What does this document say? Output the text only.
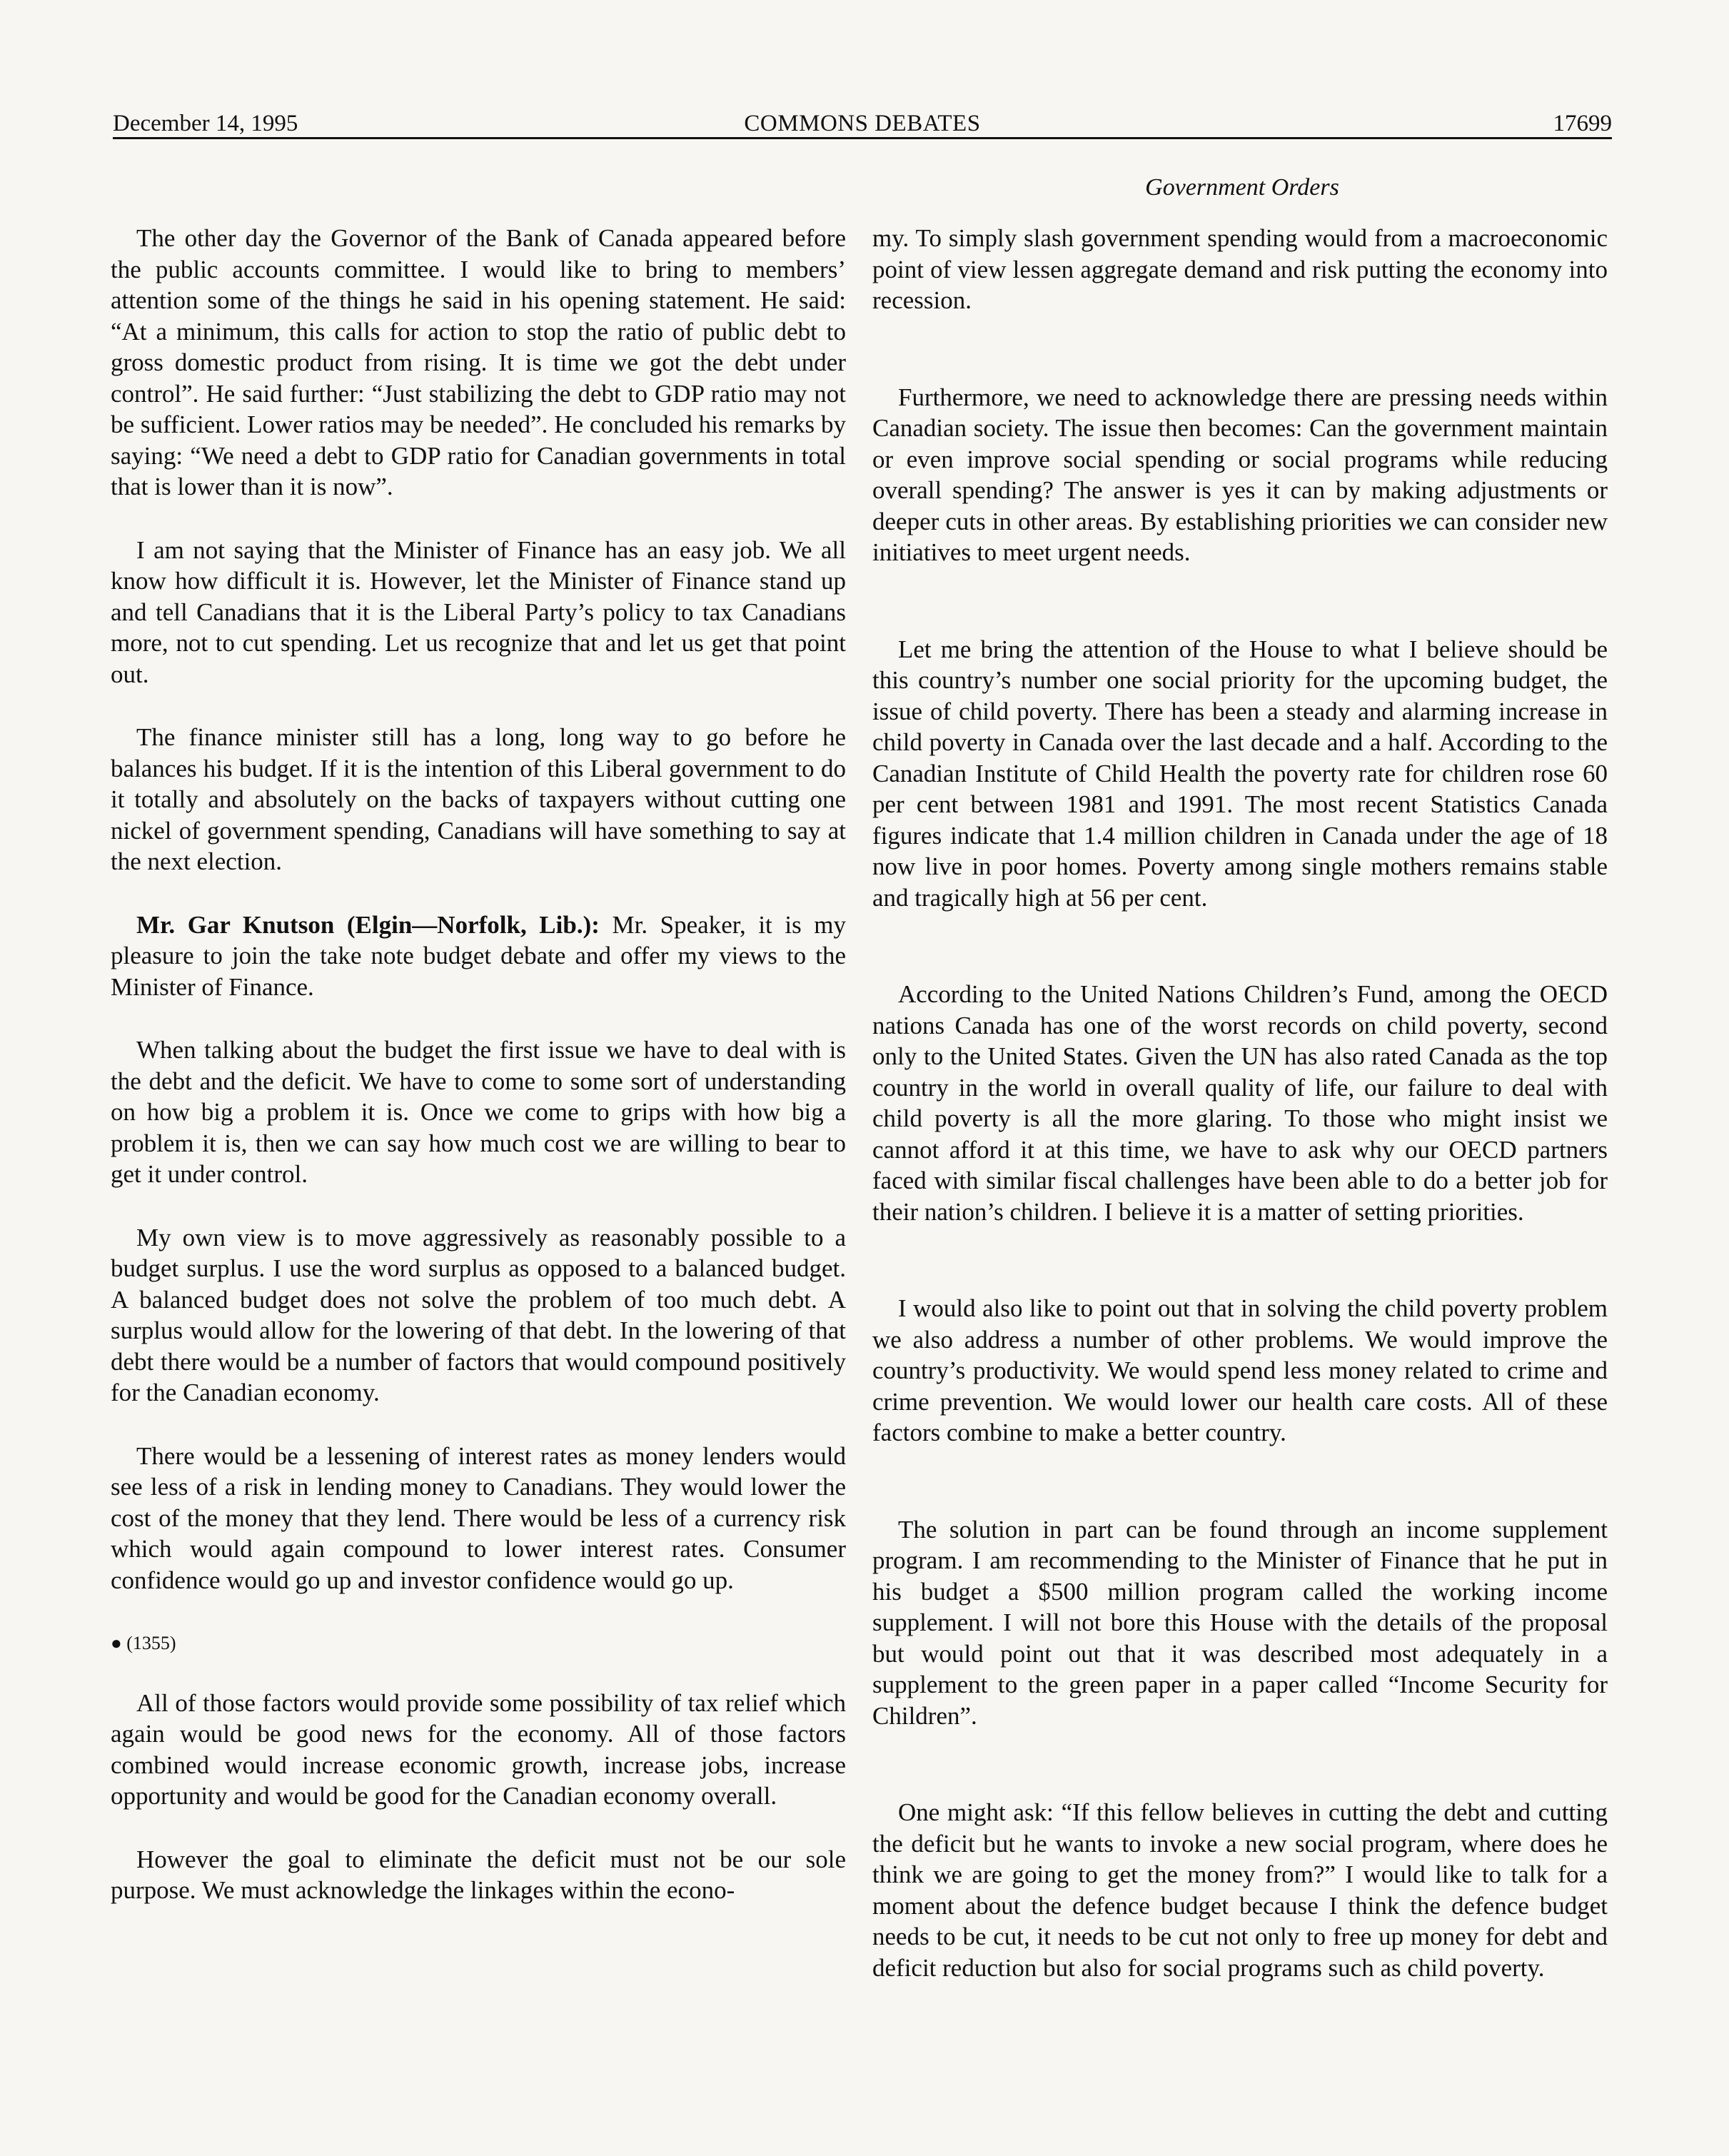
December 14, 1995	COMMONS DEBATES	17699
Government Orders

The other day the Governor of the Bank of Canada appeared before the public accounts committee. I would like to bring to members’ attention some of the things he said in his opening statement. He said: “At a minimum, this calls for action to stop the ratio of public debt to gross domestic product from rising. It is time we got the debt under control”. He said further: “Just stabilizing the debt to GDP ratio may not be sufficient. Lower ratios may be needed”. He concluded his remarks by saying: “We need a debt to GDP ratio for Canadian governments in total that is lower than it is now”.

I am not saying that the Minister of Finance has an easy job. We all know how difficult it is. However, let the Minister of Finance stand up and tell Canadians that it is the Liberal Party’s policy to tax Canadians more, not to cut spending. Let us recognize that and let us get that point out.

The finance minister still has a long, long way to go before he balances his budget. If it is the intention of this Liberal government to do it totally and absolutely on the backs of taxpayers without cutting one nickel of government spending, Canadians will have something to say at the next election.

Mr. Gar Knutson (Elgin—Norfolk, Lib.): Mr. Speaker, it is my pleasure to join the take note budget debate and offer my views to the Minister of Finance.

When talking about the budget the first issue we have to deal with is the debt and the deficit. We have to come to some sort of understanding on how big a problem it is. Once we come to grips with how big a problem it is, then we can say how much cost we are willing to bear to get it under control.

My own view is to move aggressively as reasonably possible to a budget surplus. I use the word surplus as opposed to a balanced budget. A balanced budget does not solve the problem of too much debt. A surplus would allow for the lowering of that debt. In the lowering of that debt there would be a number of factors that would compound positively for the Canadian economy.

There would be a lessening of interest rates as money lenders would see less of a risk in lending money to Canadians. They would lower the cost of the money that they lend. There would be less of a currency risk which would again compound to lower interest rates. Consumer confidence would go up and investor confidence would go up.

● (1355)

All of those factors would provide some possibility of tax relief which again would be good news for the economy. All of those factors combined would increase economic growth, increase jobs, increase opportunity and would be good for the Canadian economy overall.

However the goal to eliminate the deficit must not be our sole purpose. We must acknowledge the linkages within the econo-

my. To simply slash government spending would from a macroeconomic point of view lessen aggregate demand and risk putting the economy into recession.

Furthermore, we need to acknowledge there are pressing needs within Canadian society. The issue then becomes: Can the government maintain or even improve social spending or social programs while reducing overall spending? The answer is yes it can by making adjustments or deeper cuts in other areas. By establishing priorities we can consider new initiatives to meet urgent needs.

Let me bring the attention of the House to what I believe should be this country’s number one social priority for the upcoming budget, the issue of child poverty. There has been a steady and alarming increase in child poverty in Canada over the last decade and a half. According to the Canadian Institute of Child Health the poverty rate for children rose 60 per cent between 1981 and 1991. The most recent Statistics Canada figures indicate that 1.4 million children in Canada under the age of 18 now live in poor homes. Poverty among single mothers remains stable and tragically high at 56 per cent.

According to the United Nations Children’s Fund, among the OECD nations Canada has one of the worst records on child poverty, second only to the United States. Given the UN has also rated Canada as the top country in the world in overall quality of life, our failure to deal with child poverty is all the more glaring. To those who might insist we cannot afford it at this time, we have to ask why our OECD partners faced with similar fiscal challenges have been able to do a better job for their nation’s children. I believe it is a matter of setting priorities.

I would also like to point out that in solving the child poverty problem we also address a number of other problems. We would improve the country’s productivity. We would spend less money related to crime and crime prevention. We would lower our health care costs. All of these factors combine to make a better country.

The solution in part can be found through an income supplement program. I am recommending to the Minister of Finance that he put in his budget a $500 million program called the working income supplement. I will not bore this House with the details of the proposal but would point out that it was described most adequately in a supplement to the green paper in a paper called “Income Security for Children”.

One might ask: “If this fellow believes in cutting the debt and cutting the deficit but he wants to invoke a new social program, where does he think we are going to get the money from?” I would like to talk for a moment about the defence budget because I think the defence budget needs to be cut, it needs to be cut not only to free up money for debt and deficit reduction but also for social programs such as child poverty.
